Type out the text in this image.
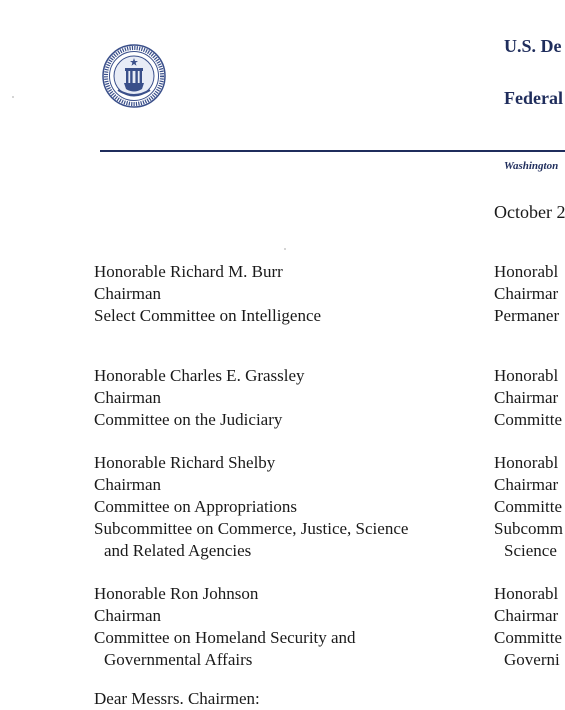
U.S. De
Federal
Washington
October 2
Honorable Richard M. Burr
Chairman
Select Committee on Intelligence
Honorable Charles E. Grassley
Chairman
Committee on the Judiciary
Honorable Richard Shelby
Chairman
Committee on Appropriations
Subcommittee on Commerce, Justice, Science
and Related Agencies
Honorable Ron Johnson
Chairman
Committee on Homeland Security and
Governmental Affairs
Honorabl
Chairmar
Permaner
Honorabl
Chairmar
Committe
Honorabl
Chairmar
Committe
Subcomm
Science
Honorabl
Chairmar
Committe
Governi
Dear Messrs. Chairmen:
